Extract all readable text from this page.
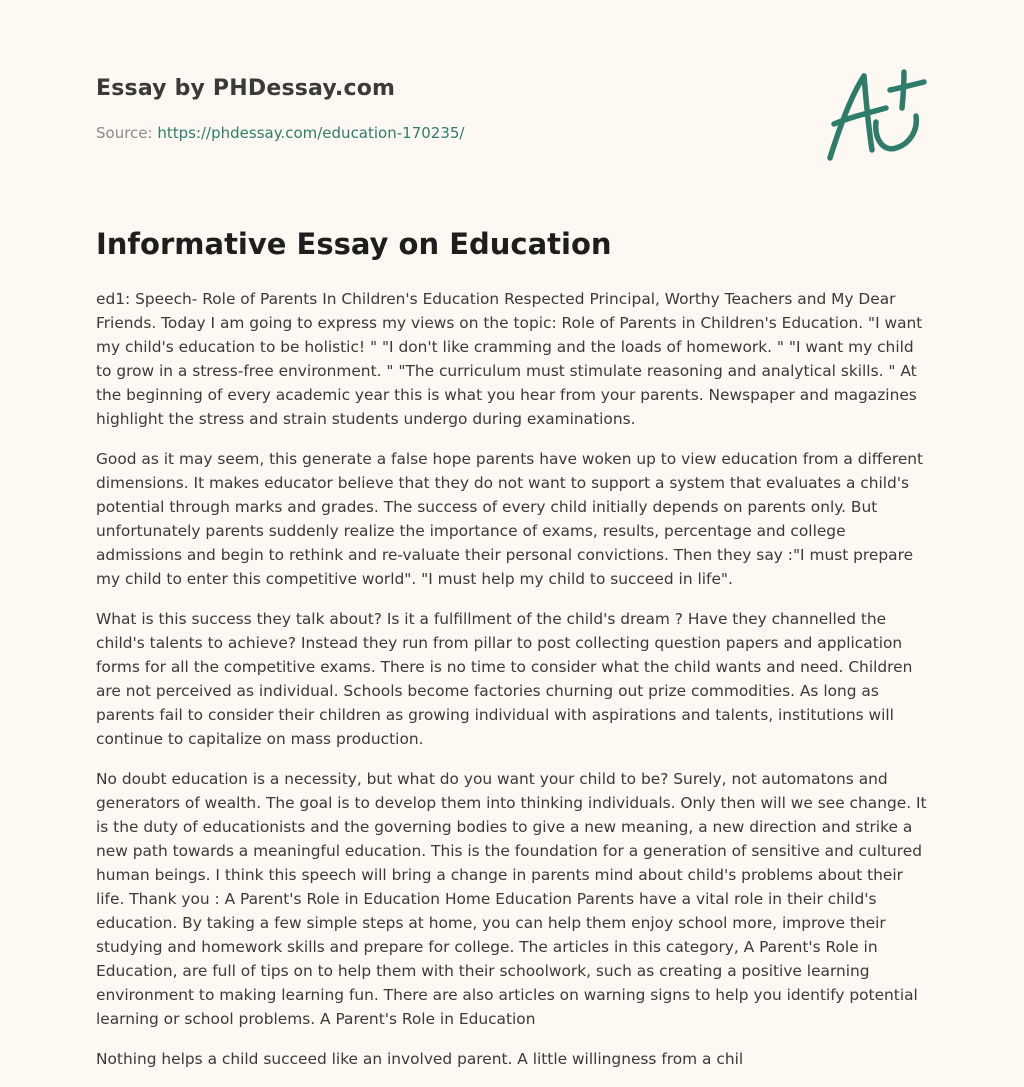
Essay by PHDessay.com

Source: https://phdessay.com/education-170235/

Informative Essay on Education

ed1: Speech- Role of Parents In Children's Education Respected Principal, Worthy Teachers and My Dear Friends. Today I am going to express my views on the topic: Role of Parents in Children's Education. "I want my child's education to be holistic! " "I don't like cramming and the loads of homework. " "I want my child to grow in a stress-free environment. " "The curriculum must stimulate reasoning and analytical skills. " At the beginning of every academic year this is what you hear from your parents. Newspaper and magazines highlight the stress and strain students undergo during examinations.

Good as it may seem, this generate a false hope parents have woken up to view education from a different dimensions. It makes educator believe that they do not want to support a system that evaluates a child's potential through marks and grades. The success of every child initially depends on parents only. But unfortunately parents suddenly realize the importance of exams, results, percentage and college admissions and begin to rethink and re-valuate their personal convictions. Then they say :"I must prepare my child to enter this competitive world". "I must help my child to succeed in life".

What is this success they talk about? Is it a fulfillment of the child's dream ? Have they channelled the child's talents to achieve? Instead they run from pillar to post collecting question papers and application forms for all the competitive exams. There is no time to consider what the child wants and need. Children are not perceived as individual. Schools become factories churning out prize commodities. As long as parents fail to consider their children as growing individual with aspirations and talents, institutions will continue to capitalize on mass production.

No doubt education is a necessity, but what do you want your child to be? Surely, not automatons and generators of wealth. The goal is to develop them into thinking individuals. Only then will we see change. It is the duty of educationists and the governing bodies to give a new meaning, a new direction and strike a new path towards a meaningful education. This is the foundation for a generation of sensitive and cultured human beings. I think this speech will bring a change in parents mind about child's problems about their life. Thank you : A Parent's Role in Education Home Education Parents have a vital role in their child's education. By taking a few simple steps at home, you can help them enjoy school more, improve their studying and homework skills and prepare for college. The articles in this category, A Parent's Role in Education, are full of tips on to help them with their schoolwork, such as creating a positive learning environment to making learning fun. There are also articles on warning signs to help you identify potential learning or school problems. A Parent's Role in Education

Nothing helps a child succeed like an involved parent. A little willingness from a chil
